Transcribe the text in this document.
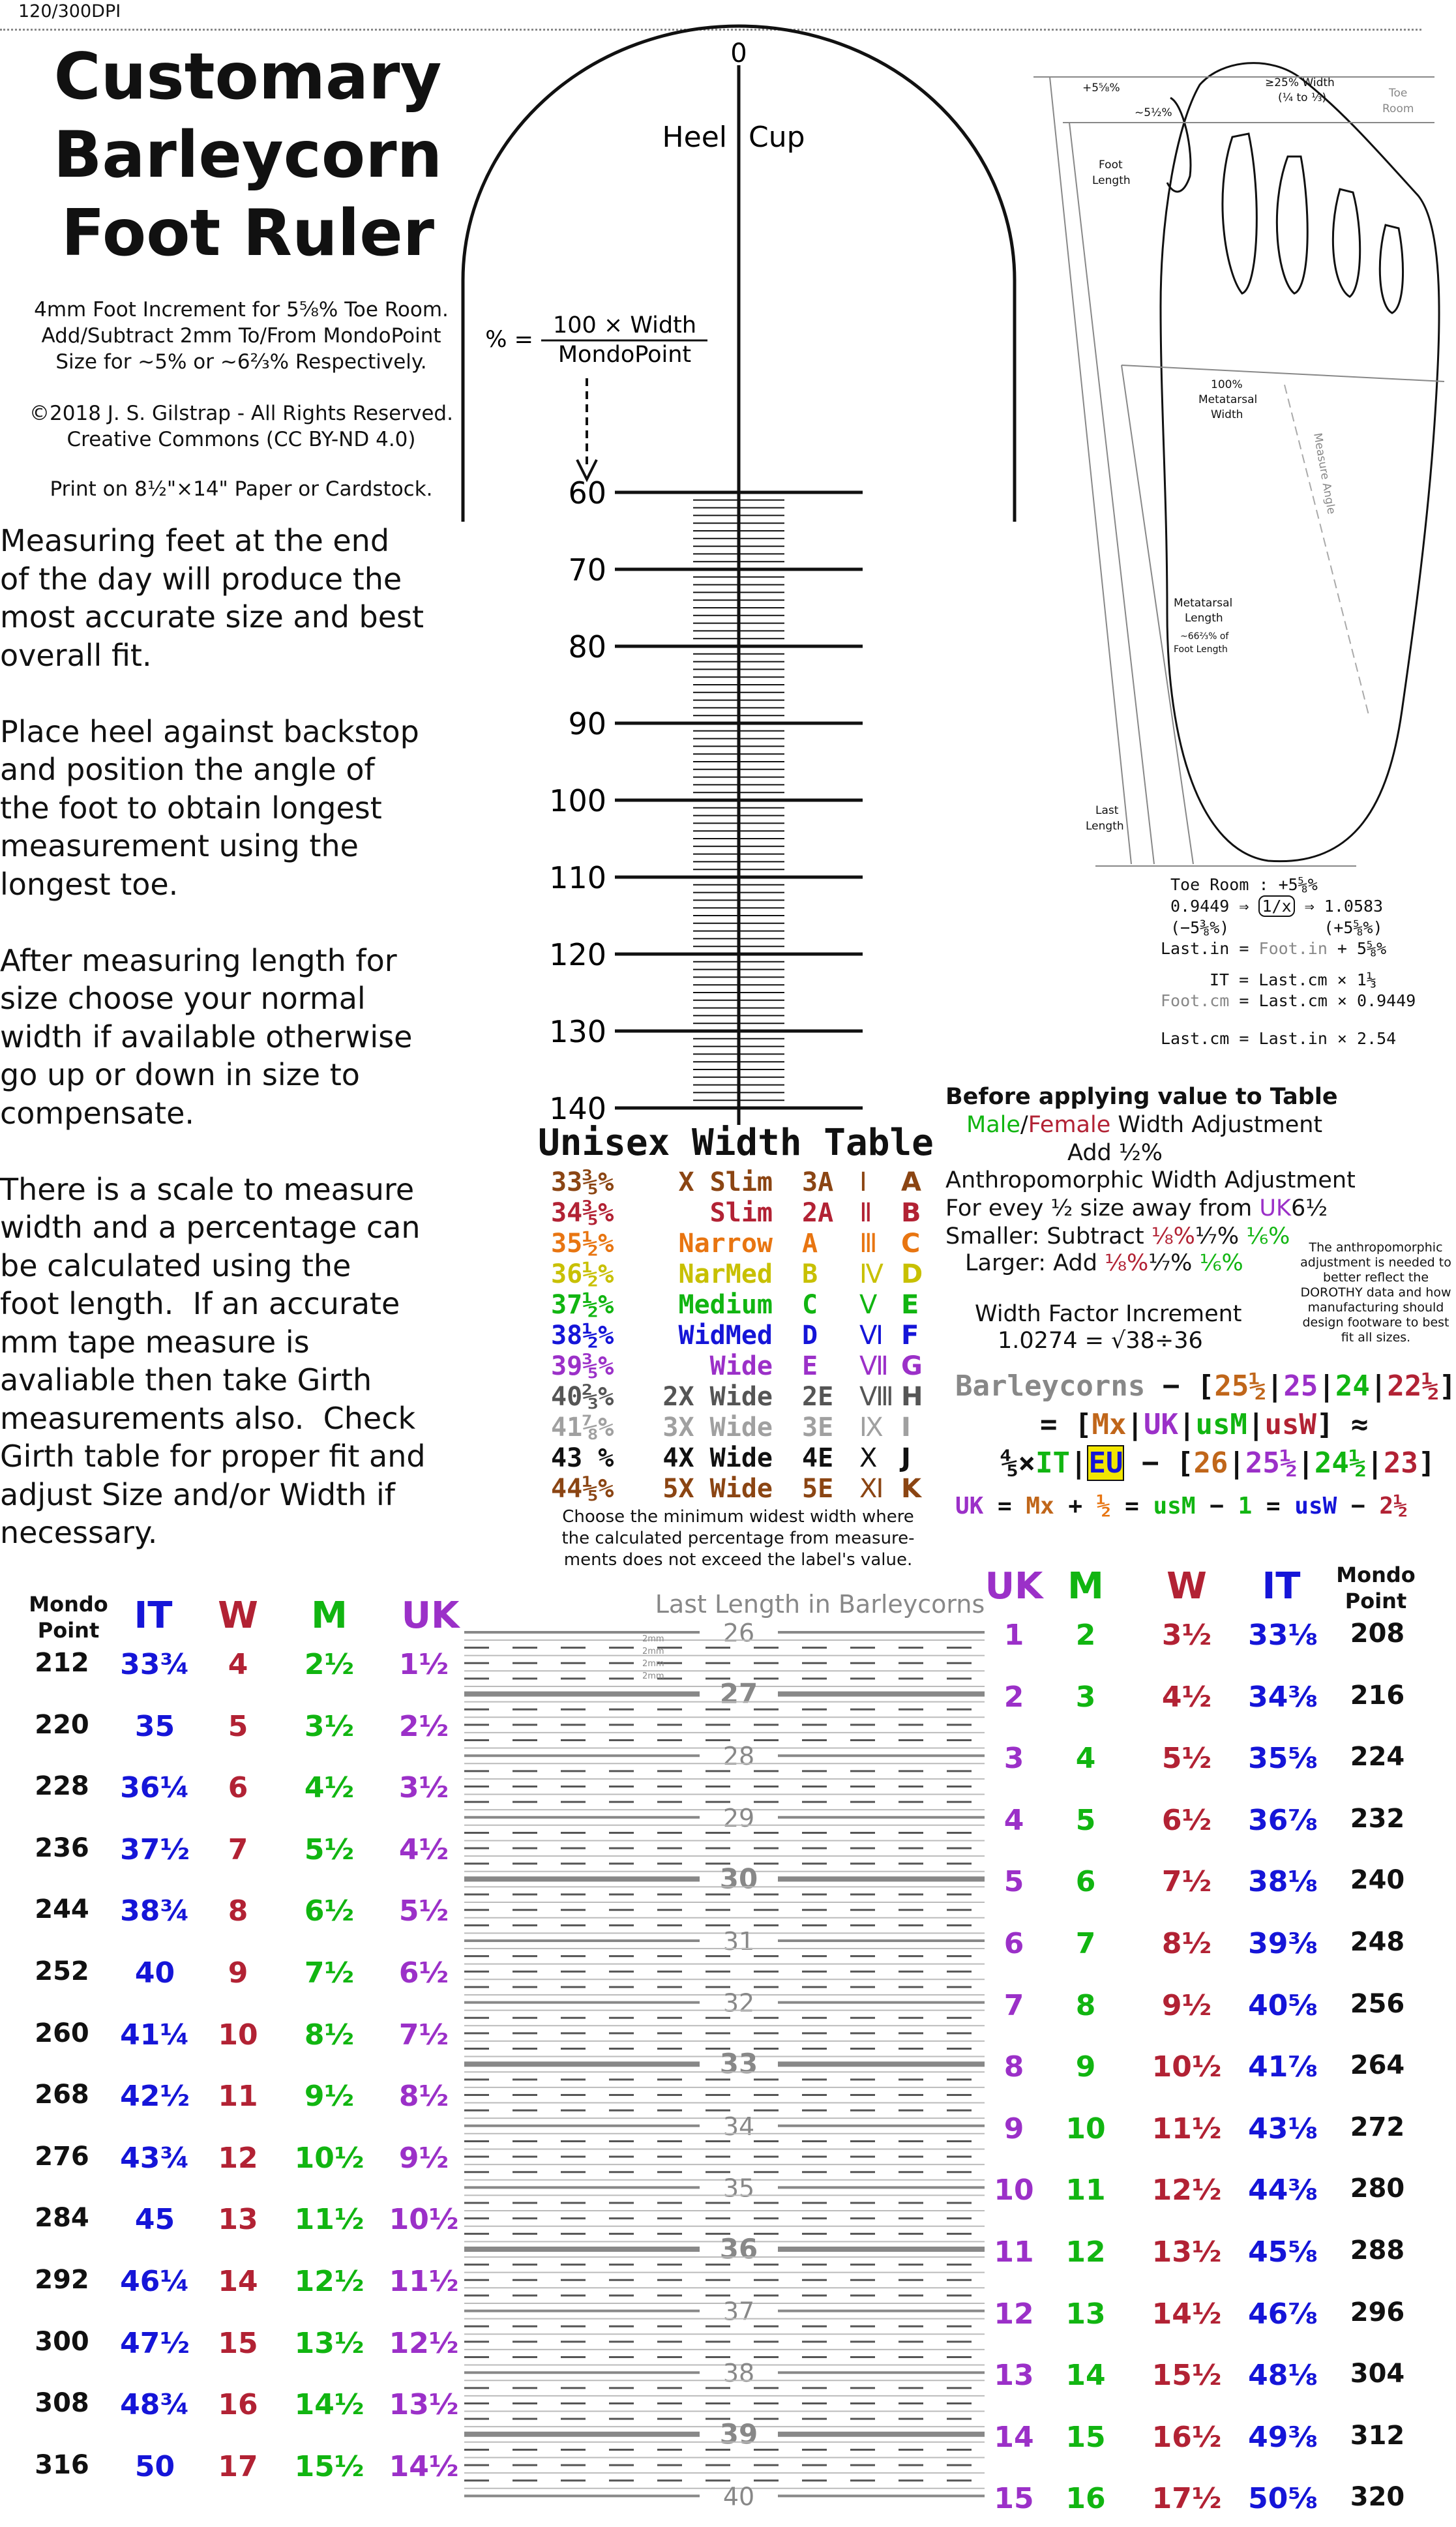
120/300DPI
Customary
Barleycorn
Foot Ruler
4mm Foot Increment for 5⅝% Toe Room.
Add/Subtract 2mm To/From MondoPoint
Size for ~5% or ~6⅔% Respectively.
©2018 J. S. Gilstrap - All Rights Reserved.
Creative Commons (CC BY-ND 4.0)
Print on 8½"×14" Paper or Cardstock.
Measuring feet at the end
of the day will produce the
most accurate size and best
overall fit.

Place heel against backstop
and position the angle of
the foot to obtain longest
measurement using the
longest toe.

After measuring length for
size choose your normal
width if available otherwise
go up or down in size to
compensate.

There is a scale to measure
width and a percentage can
be calculated using the
foot length.  If an accurate
mm tape measure is
avaliable then take Girth
measurements also.  Check
Girth table for proper fit and
adjust Size and/or Width if
necessary.
0
Heel Cup
% =
100 × Width
MondoPoint
60
70
80
90
100
110
120
130
140
+5⅝%
~5½%
≥25% Width
(¼ to ⅓)	Toe
Room
Foot
Length
100%
Metatarsal
Width
Measure Angle
Metatarsal
Length
~66⅔% of
Foot Length
Last
Length
26
27
28
29
30
31
32
33
34
35
36
37
38
39
40
2mm
2mm
2mm
2mm
Toe Room : +5⅝%
0.9449 ⇒ 1/x ⇒ 1.0583
(−5⅜%)	(+5⅝%)
Last.in = Foot.in + 5⅝%
IT = Last.cm × 1⅓
Foot.cm = Last.cm × 0.9449
Last.cm = Last.in × 2.54
Unisex Width Table
33⅗%	X Slim 3A Ⅰ A
34⅗%	Slim 2A Ⅱ B
35½%	Narrow A Ⅲ C
36½%	NarMed B Ⅳ D
37½%	Medium C Ⅴ E
38½%	WidMed D Ⅵ F
39⅗%	Wide E Ⅶ G
40⅔%	2X Wide 2E Ⅷ H
41⅞%	3X Wide 3E Ⅸ I
43 %	4X Wide 4E Ⅹ J
44⅕%	5X Wide 5E Ⅺ K
Choose the minimum widest width where the calculated percentage from measure-ments does not exceed the label's value.
Before applying value to Table
Male/Female Width Adjustment
Add ½%
Anthropomorphic Width Adjustment
For evey ½ size away from UK6½
Smaller: Subtract ⅛%⅐% ⅙%
Larger: Add ⅛%⅐% ⅙%
Width Factor Increment
1.0274 = √38÷36
The anthropomorphic adjustment is needed to better reflect the DOROTHY data and how manufacturing should design footware to best fit all sizes.
Barleycorns − [25½|25|24|22½]
= [Mx|UK|usM|usW] ≈
⅘×IT|EU − [26|25½|24½|23]
UK = Mx + ½ = usM − 1 = usW − 2½
Mondo
Point IT	W	M	UK
212	33¾	4	2½	1½
220	35	5	3½	2½
228	36¼	6	4½	3½
236	37½	7	5½	4½
244	38¾	8	6½	5½
252	40	9	7½	6½
260	41¼ 10	8½	7½
268	42½ 11	9½	8½
276	43¾ 12	10½	9½
284	45	13	11½ 10½
292	46¼ 14	12½ 11½
300	47½ 15	13½ 12½
308	48¾ 16	14½ 13½
316	50	17	15½ 14½
UK M	W	IT	Mondo
Point
1	2	3½	33⅛	208
2	3	4½	34⅜	216
3	4	5½	35⅝	224
4	5	6½	36⅞	232
5	6	7½	38⅛	240
6	7	8½	39⅜	248
7	8	9½	40⅝	256
8	9	10½ 41⅞	264
9	10	11½ 43⅛	272
10	11	12½ 44⅜	280
11	12	13½ 45⅝	288
12	13	14½ 46⅞	296
13	14	15½ 48⅛	304
14	15	16½ 49⅜	312
15	16	17½ 50⅝	320
Last Length in Barleycorns
